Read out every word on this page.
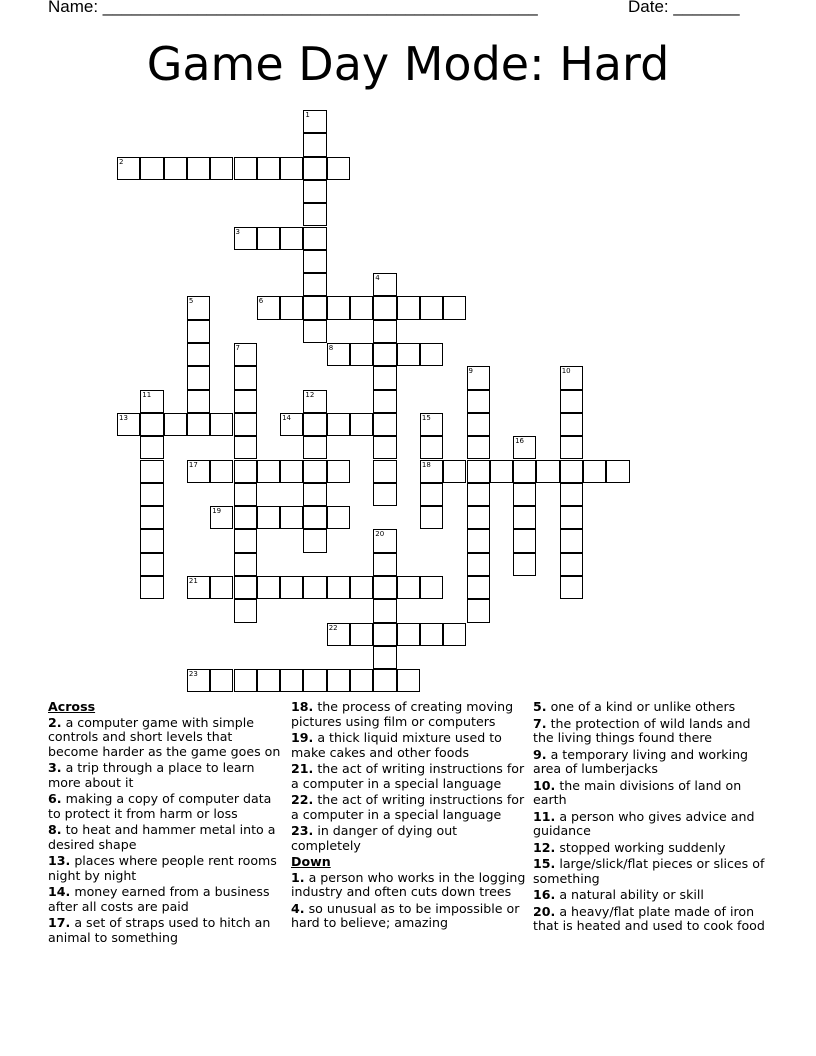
Name: ______________________________________________	Date: _______
Game Day Mode: Hard
1
2
3
4
5	6
7	8
9	10
11	12
13	14	15
18
16
17
19
20
21
22
23
Across
2. a computer game with simple controls and short levels that become harder as the game goes on
3. a trip through a place to learn more about it
6. making a copy of computer data to protect it from harm or loss
8. to heat and hammer metal into a desired shape
13. places where people rent rooms night by night
14. money earned from a business after all costs are paid
17. a set of straps used to hitch an animal to something
18. the process of creating moving pictures using film or computers
19. a thick liquid mixture used to make cakes and other foods
21. the act of writing instructions for a computer in a special language
22. the act of writing instructions for a computer in a special language
23. in danger of dying out completely
Down
1. a person who works in the logging industry and often cuts down trees
4. so unusual as to be impossible or hard to believe; amazing
5. one of a kind or unlike others
7. the protection of wild lands and the living things found there
9. a temporary living and working area of lumberjacks
10. the main divisions of land on earth
11. a person who gives advice and guidance
12. stopped working suddenly
15. large/slick/flat pieces or slices of something
16. a natural ability or skill
20. a heavy/flat plate made of iron that is heated and used to cook food
